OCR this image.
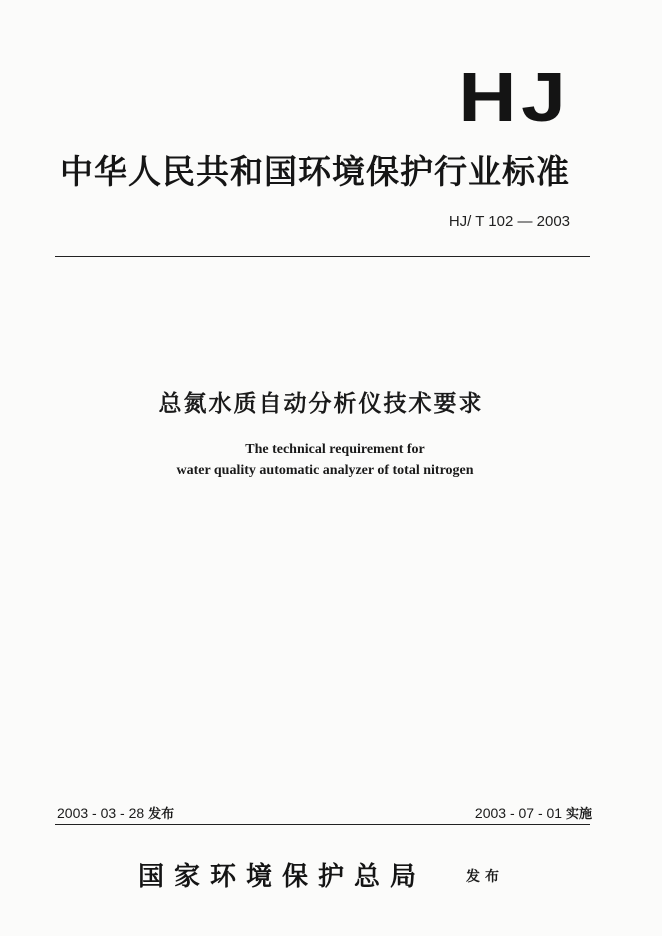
HJ
中华人民共和国环境保护行业标准
HJ/ T 102 — 2003
总氮水质自动分析仪技术要求
The technical requirement for
water quality automatic analyzer of total nitrogen
2003 - 03 - 28 发布	2003 - 07 - 01 实施
国家环境保护总局	发布
